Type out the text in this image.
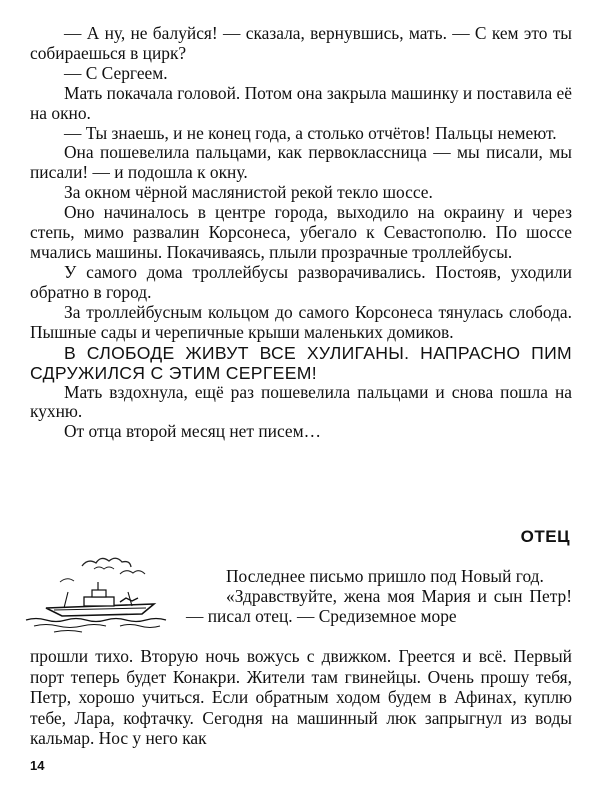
— А ну, не балуйся! — сказала, вернувшись, мать. — С кем это ты собираешься в цирк?

— С Сергеем.

Мать покачала головой. Потом она закрыла машинку и поставила её на окно.

— Ты знаешь, и не конец года, а столько отчётов! Пальцы немеют.

Она пошевелила пальцами, как первоклассница — мы писали, мы писали! — и подошла к окну.

За окном чёрной маслянистой рекой текло шоссе.

Оно начиналось в центре города, выходило на окраину и через степь, мимо развалин Корсонеса, убегало к Севастополю. По шоссе мчались машины. Покачиваясь, плыли прозрачные троллейбусы.

У самого дома троллейбусы разворачивались. Постояв, уходили обратно в город.

За троллейбусным кольцом до самого Корсонеса тянулась слобода. Пышные сады и черепичные крыши маленьких домиков.

В СЛОБОДЕ ЖИВУТ ВСЕ ХУЛИГАНЫ. НАПРАСНО ПИМ СДРУЖИЛСЯ С ЭТИМ СЕРГЕЕМ!

Мать вздохнула, ещё раз пошевелила пальцами и снова пошла на кухню.

От отца второй месяц нет писем…

ОТЕЦ

Последнее письмо пришло под Новый год.

«Здравствуйте, жена моя Мария и сын Петр! — писал отец. — Средиземное море

прошли тихо. Вторую ночь вожусь с движком. Греется и всё. Первый порт теперь будет Конакри. Жители там гвинейцы. Очень прошу тебя, Петр, хорошо учиться. Если обратным ходом будем в Афинах, куплю тебе, Лара, кофтачку. Сегодня на машинный люк запрыгнул из воды кальмар. Нос у него как

14
